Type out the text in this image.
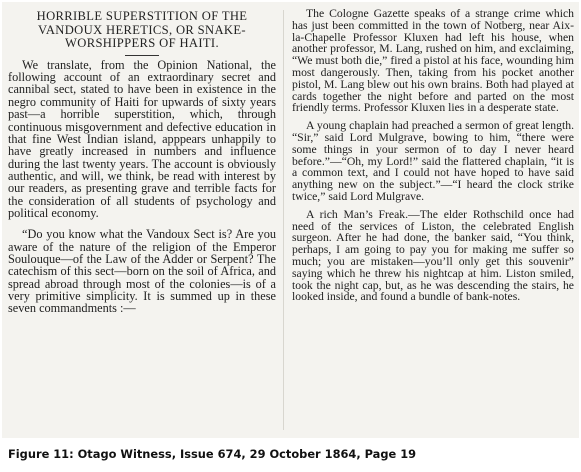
HORRIBLE SUPERSTITION OF THE VANDOUX HERETICS, OR SNAKE-WORSHIPPERS OF HAITI.

We translate, from the Opinion National, the following account of an extraordinary secret and cannibal sect, stated to have been in existence in the negro community of Haiti for upwards of sixty years past—a horrible superstition, which, through continuous misgovernment and defective education in that fine West Indian island, apppears unhappily to have greatly increased in numbers and influence during the last twenty years. The account is obviously authentic, and will, we think, be read with interest by our readers, as presenting grave and terrible facts for the consideration of all students of psychology and political economy.

“Do you know what the Vandoux Sect is? Are you aware of the nature of the religion of the Emperor Soulouque—of the Law of the Adder or Serpent? The catechism of this sect—born on the soil of Africa, and spread abroad through most of the colonies—is of a very primitive simplicity. It is summed up in these seven commandments :—

The Cologne Gazette speaks of a strange crime which has just been committed in the town of Notberg, near Aix-la-Chapelle Professor Kluxen had left his house, when another professor, M. Lang, rushed on him, and exclaiming, “We must both die,” fired a pistol at his face, wounding him most dangerously. Then, taking from his pocket another pistol, M. Lang blew out his own brains. Both had played at cards together the night before and parted on the most friendly terms. Professor Kluxen lies in a desperate state.

A young chaplain had preached a sermon of great length. “Sir,” said Lord Mulgrave, bowing to him, “there were some things in your sermon of to day I never heard before.”—“Oh, my Lord!” said the flattered chaplain, “it is a common text, and I could not have hoped to have said anything new on the subject.”—“I heard the clock strike twice,” said Lord Mulgrave.

A rich Man’s Freak.—The elder Rothschild once had need of the services of Liston, the celebrated English surgeon. After he had done, the banker said, “You think, perhaps, I am going to pay you for making me suffer so much; you are mistaken—you’ll only get this souvenir” saying which he threw his nightcap at him. Liston smiled, took the night cap, but, as he was descending the stairs, he looked inside, and found a bundle of bank-notes.

Figure 11: Otago Witness, Issue 674, 29 October 1864, Page 19
